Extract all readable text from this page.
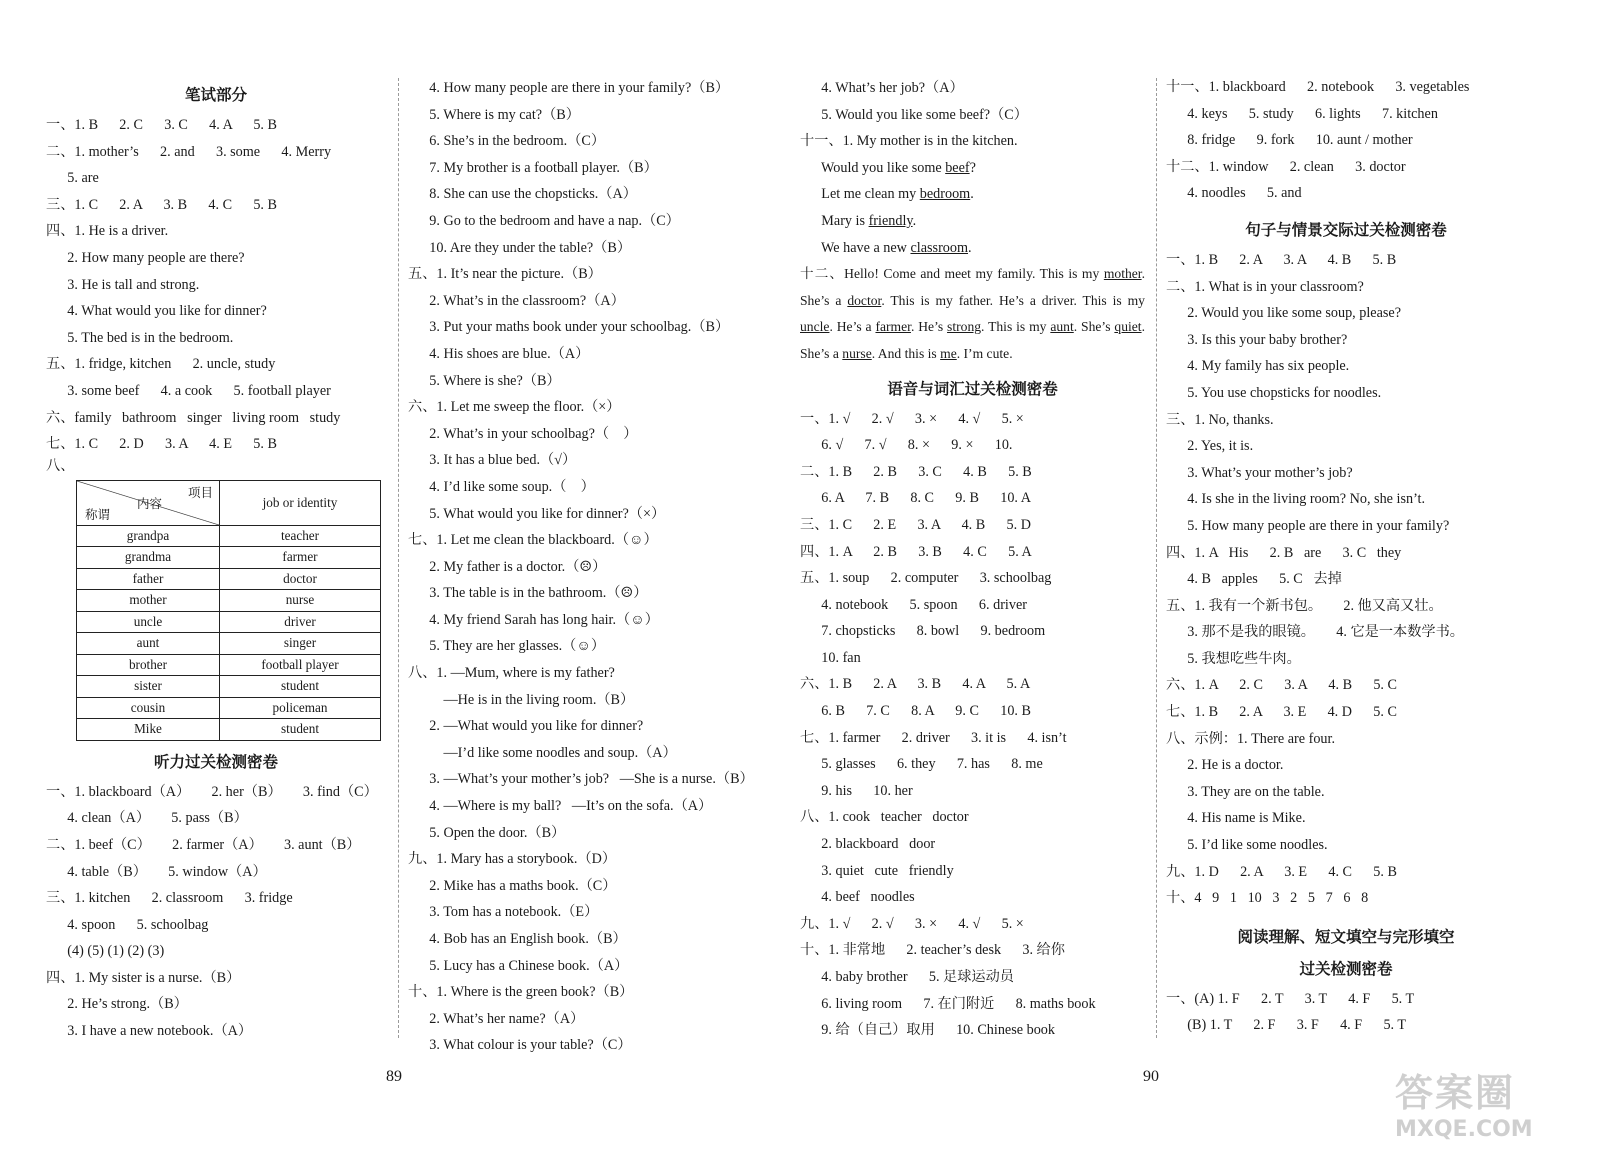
笔试部分
一、1. B      2. C      3. C      4. A      5. B
二、1. mother’s      2. and      3. some      4. Merry
5. are
三、1. C      2. A      3. B      4. C      5. B
四、1. He is a driver.
2. How many people are there?
3. He is tall and strong.
4. What would you like for dinner?
5. The bed is in the bedroom.
五、1. fridge, kitchen      2. uncle, study
3. some beef      4. a cook      5. football player
六、family   bathroom   singer   living room   study
七、1. C      2. D      3. A      4. E      5. B
八、
项目
内容
称谓	job or identity
grandpa	teacher
grandma	farmer
father	doctor
mother	nurse
uncle	driver
aunt	singer
brother	football player
sister	student
cousin	policeman
Mike	student
听力过关检测密卷
一、1. blackboard（A）      2. her（B）      3. find（C）
4. clean（A）      5. pass（B）
二、1. beef（C）      2. farmer（A）      3. aunt（B）
4. table（B）      5. window（A）
三、1. kitchen      2. classroom      3. fridge
4. spoon      5. schoolbag
(4) (5) (1) (2) (3)
四、1. My sister is a nurse.（B）
2. He’s strong.（B）
3. I have a new notebook.（A）
4. How many people are there in your family?（B）
5. Where is my cat?（B）
6. She’s in the bedroom.（C）
7. My brother is a football player.（B）
8. She can use the chopsticks.（A）
9. Go to the bedroom and have a nap.（C）
10. Are they under the table?（B）
五、1. It’s near the picture.（B）
2. What’s in the classroom?（A）
3. Put your maths book under your schoolbag.（B）
4. His shoes are blue.（A）
5. Where is she?（B）
六、1. Let me sweep the floor.（×）
2. What’s in your schoolbag?（    ）
3. It has a blue bed.（√）
4. I’d like some soup.（    ）
5. What would you like for dinner?（×）
七、1. Let me clean the blackboard.（☺）
2. My father is a doctor.（☹）
3. The table is in the bathroom.（☹）
4. My friend Sarah has long hair.（☺）
5. They are her glasses.（☺）
八、1. —Mum, where is my father?
—He is in the living room.（B）
2. —What would you like for dinner?
—I’d like some noodles and soup.（A）
3. —What’s your mother’s job?   —She is a nurse.（B）
4. —Where is my ball?   —It’s on the sofa.（A）
5. Open the door.（B）
九、1. Mary has a storybook.（D）
2. Mike has a maths book.（C）
3. Tom has a notebook.（E）
4. Bob has an English book.（B）
5. Lucy has a Chinese book.（A）
十、1. Where is the green book?（B）
2. What’s her name?（A）
3. What colour is your table?（C）
4. What’s her job?（A）
5. Would you like some beef?（C）
十一、1. My mother is in the kitchen.
Would you like some beef?
Let me clean my bedroom.
Mary is friendly.
We have a new classroom.
十二、Hello! Come and meet my family. This is my mother. She’s a doctor. This is my father. He’s a driver. This is my uncle. He’s a farmer. He’s strong. This is my aunt. She’s quiet. She’s a nurse. And this is me. I’m cute.
语音与词汇过关检测密卷
一、1. √      2. √      3. ×      4. √      5. ×
6. √      7. √      8. ×      9. ×      10.
二、1. B      2. B      3. C      4. B      5. B
6. A      7. B      8. C      9. B      10. A
三、1. C      2. E      3. A      4. B      5. D
四、1. A      2. B      3. B      4. C      5. A
五、1. soup      2. computer      3. schoolbag
4. notebook      5. spoon      6. driver
7. chopsticks      8. bowl      9. bedroom
10. fan
六、1. B      2. A      3. B      4. A      5. A
6. B      7. C      8. A      9. C      10. B
七、1. farmer      2. driver      3. it is      4. isn’t
5. glasses      6. they      7. has      8. me
9. his      10. her
八、1. cook   teacher   doctor
2. blackboard   door
3. quiet   cute   friendly
4. beef   noodles
九、1. √      2. √      3. ×      4. √      5. ×
十、1. 非常地      2. teacher’s desk      3. 给你
4. baby brother      5. 足球运动员
6. living room      7. 在门附近      8. maths book
9. 给（自己）取用      10. Chinese book
十一、1. blackboard      2. notebook      3. vegetables
4. keys      5. study      6. lights      7. kitchen
8. fridge      9. fork      10. aunt / mother
十二、1. window      2. clean      3. doctor
4. noodles      5. and
句子与情景交际过关检测密卷
一、1. B      2. A      3. A      4. B      5. B
二、1. What is in your classroom?
2. Would you like some soup, please?
3. Is this your baby brother?
4. My family has six people.
5. You use chopsticks for noodles.
三、1. No, thanks.
2. Yes, it is.
3. What’s your mother’s job?
4. Is she in the living room? No, she isn’t.
5. How many people are there in your family?
四、1. A   His      2. B   are      3. C   they
4. B   apples      5. C   去掉
五、1. 我有一个新书包。      2. 他又高又壮。
3. 那不是我的眼镜。      4. 它是一本数学书。
5. 我想吃些牛肉。
六、1. A      2. C      3. A      4. B      5. C
七、1. B      2. A      3. E      4. D      5. C
八、示例：1. There are four.
2. He is a doctor.
3. They are on the table.
4. His name is Mike.
5. I’d like some noodles.
九、1. D      2. A      3. E      4. C      5. B
十、4   9   1   10   3   2   5   7   6   8
阅读理解、短文填空与完形填空
过关检测密卷
一、(A) 1. F      2. T      3. T      4. F      5. T
(B) 1. T      2. F      3. F      4. F      5. T
89	90	答案圈
MXQE.COM
